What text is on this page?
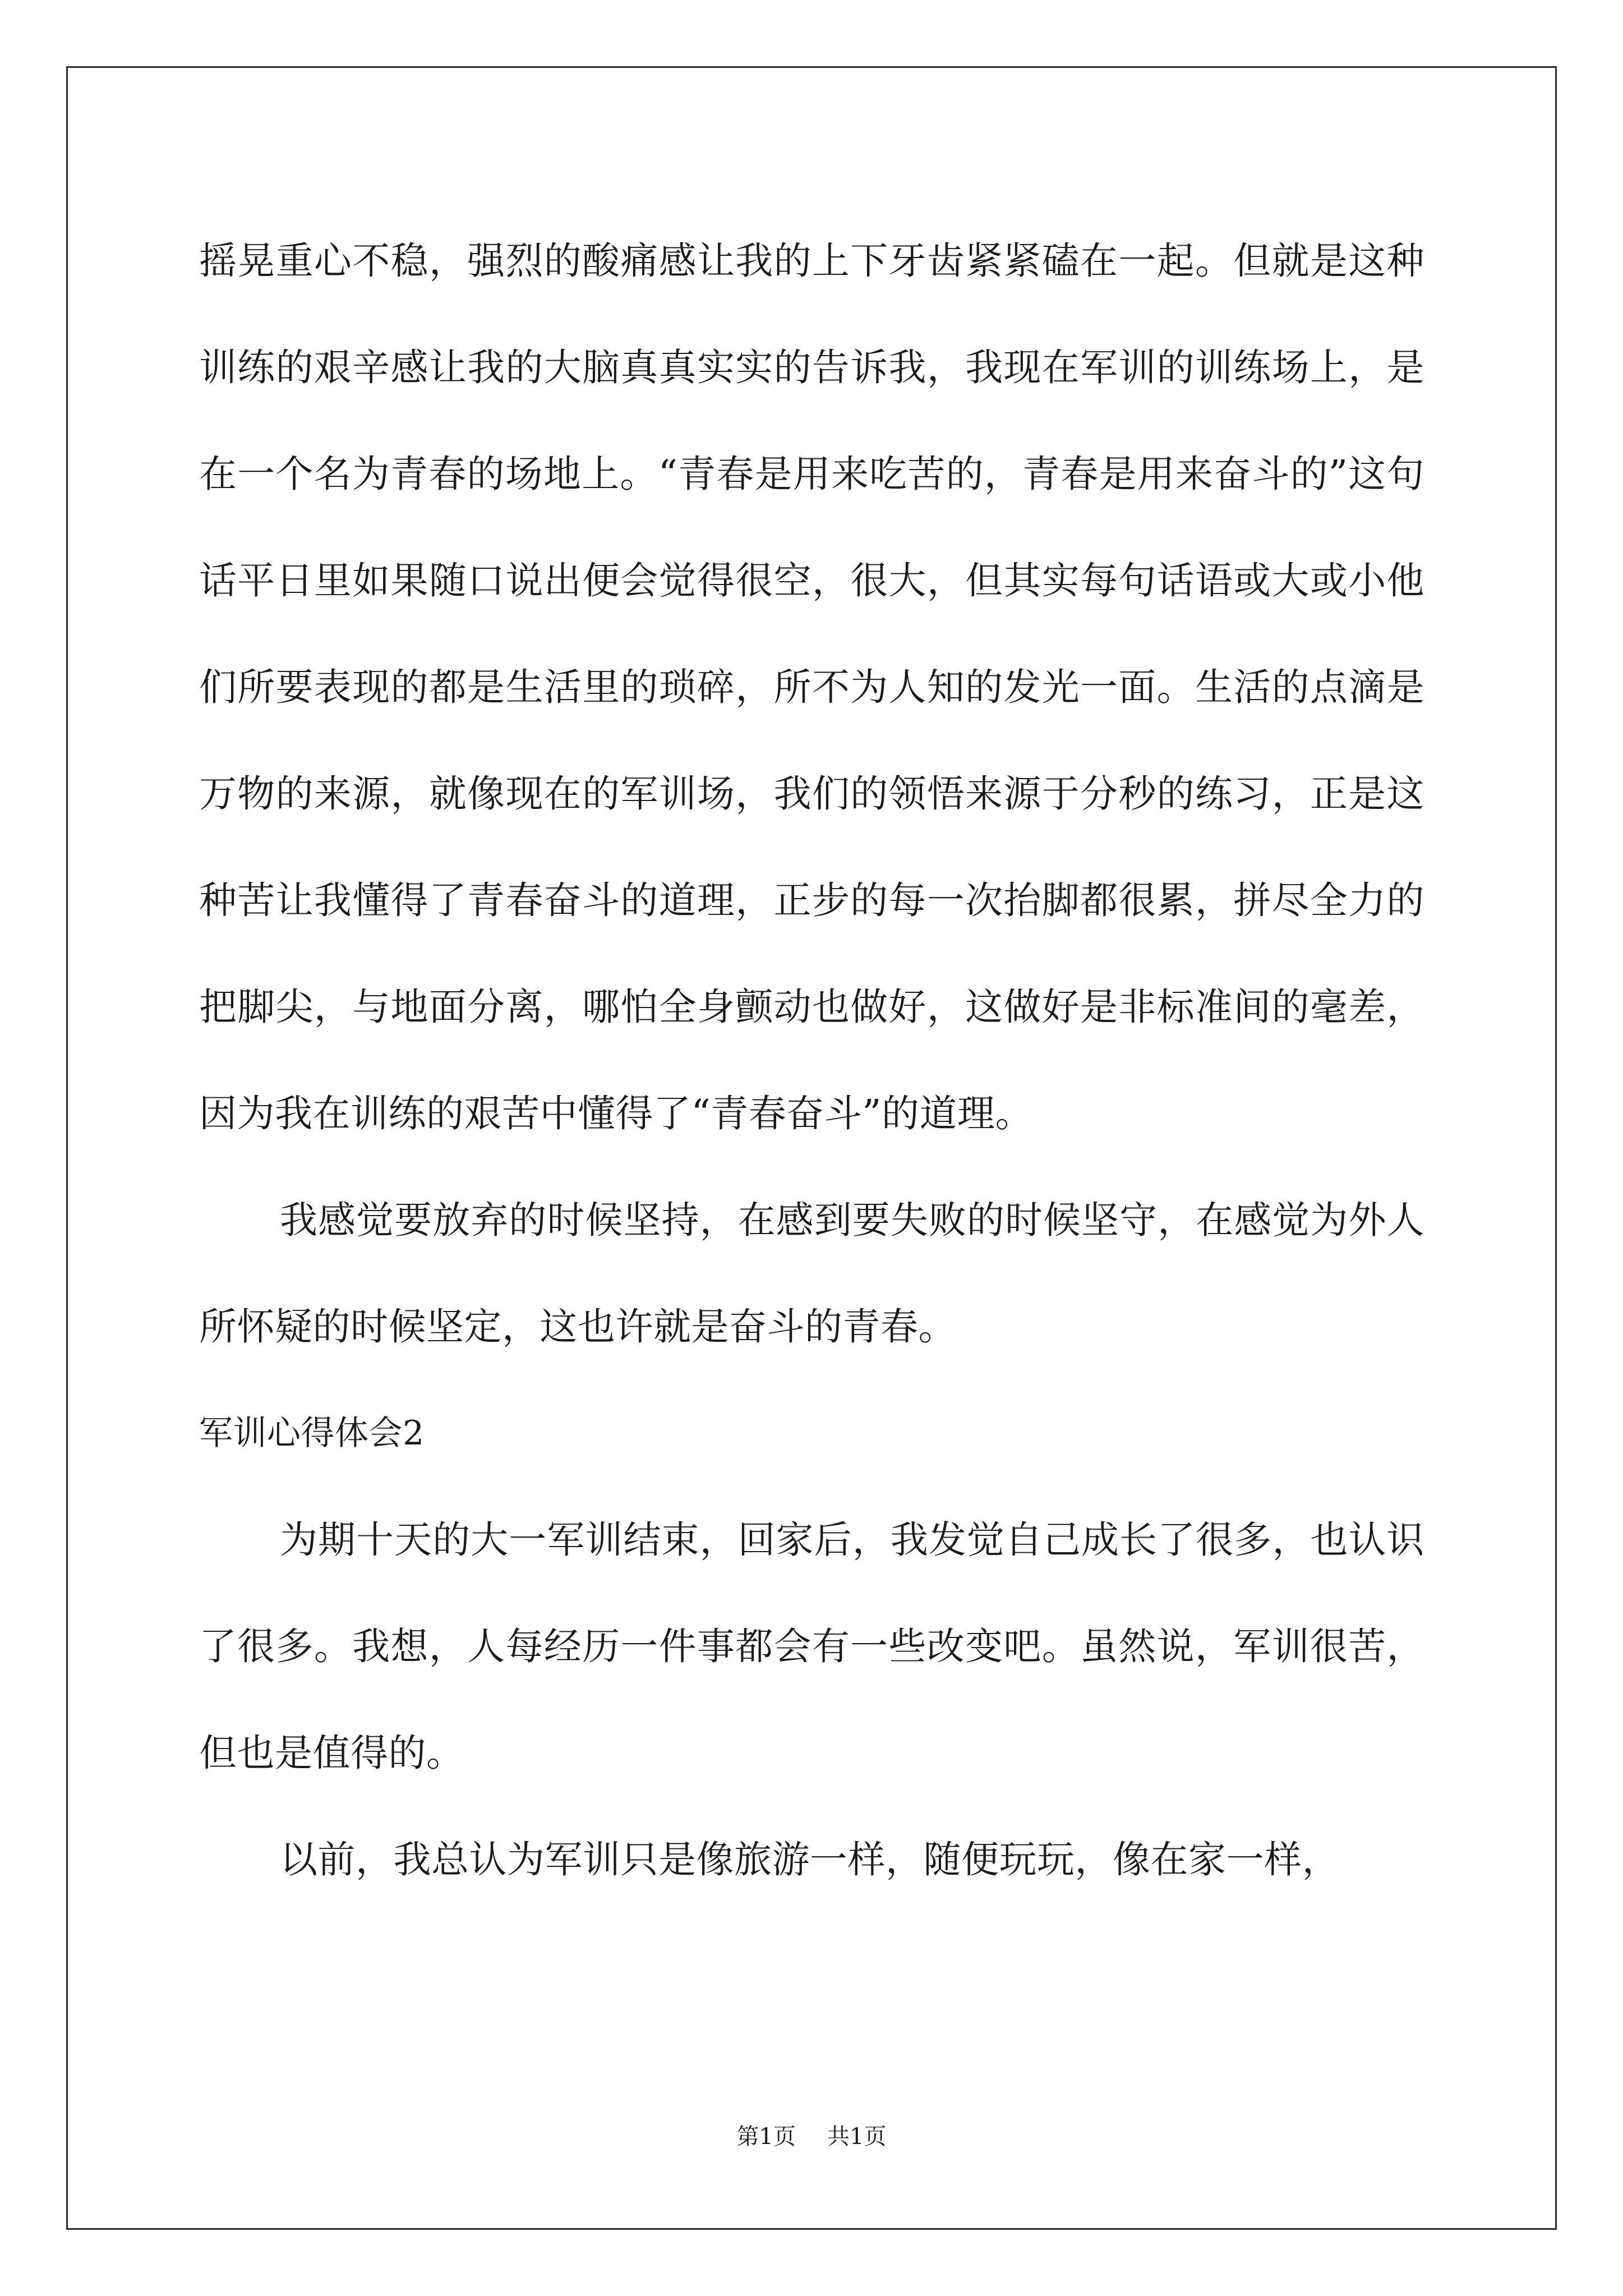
摇晃重心不稳，强烈的酸痛感让我的上下牙齿紧紧磕在一起。但就是这种训练的艰辛感让我的大脑真真实实的告诉我，我现在军训的训练场上，是在一个名为青春的场地上。“青春是用来吃苦的，青春是用来奋斗的”这句话平日里如果随口说出便会觉得很空，很大，但其实每句话语或大或小他们所要表现的都是生活里的琐碎，所不为人知的发光一面。生活的点滴是万物的来源，就像现在的军训场，我们的领悟来源于分秒的练习，正是这种苦让我懂得了青春奋斗的道理，正步的每一次抬脚都很累，拼尽全力的把脚尖，与地面分离，哪怕全身颤动也做好，这做好是非标准间的毫差，因为我在训练的艰苦中懂得了“青春奋斗”的道理。

我感觉要放弃的时候坚持，在感到要失败的时候坚守，在感觉为外人所怀疑的时候坚定，这也许就是奋斗的青春。

军训心得体会2

为期十天的大一军训结束，回家后，我发觉自己成长了很多，也认识了很多。我想，人每经历一件事都会有一些改变吧。虽然说，军训很苦，但也是值得的。

以前，我总认为军训只是像旅游一样，随便玩玩，像在家一样，

第1页 共1页
